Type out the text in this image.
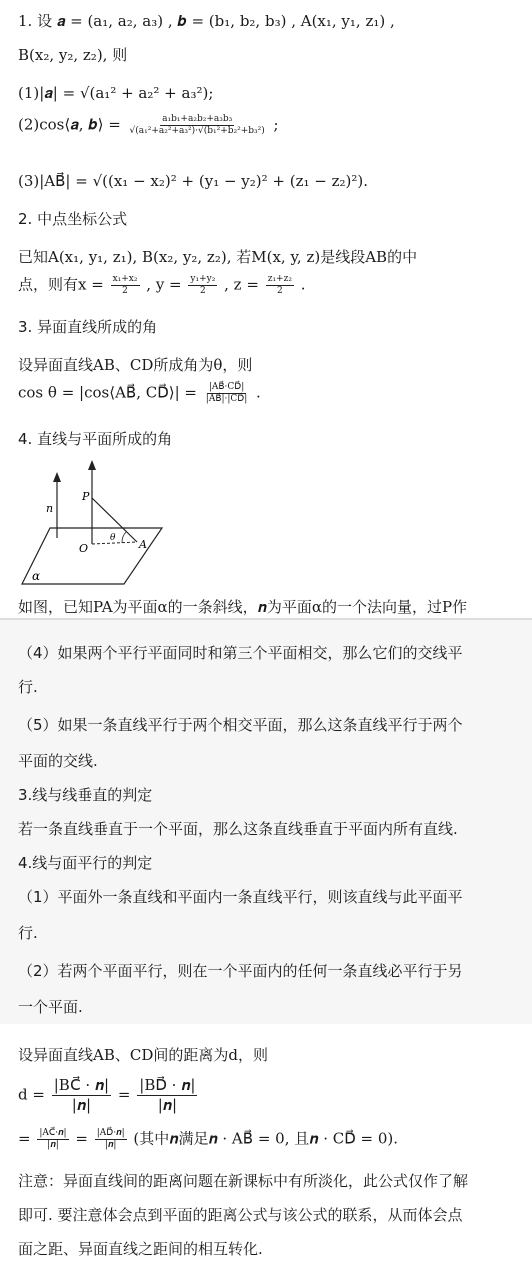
1. 设 𝒂 = (a₁, a₂, a₃) , 𝒃 = (b₁, b₂, b₃) , A(x₁, y₁, z₁) ,
B(x₂, y₂, z₂), 则
(1)|𝒂| = √(a₁² + a₂² + a₃²);
(2)cos⟨𝒂, 𝒃⟩ = $\frac{\text{a₁b₁+a₂b₂+a₃b₃}}{\text{√(a₁²+a₂²+a₃²)·√(b₁²+b₂²+b₃²)}}$ ;
(3)|AB⃗| = √((x₁ − x₂)² + (y₁ − y₂)² + (z₁ − z₂)²).
2. 中点坐标公式
已知A(x₁, y₁, z₁), B(x₂, y₂, z₂), 若M(x, y, z)是线段AB的中
点，则有$x = \frac{\text{x₁+x₂}}{2}$ , $y = \frac{\text{y₁+y₂}}{2}$ , $z = \frac{\text{z₁+z₂}}{2}$ .
3. 异面直线所成的角
设异面直线AB、CD所成角为θ，则
cos θ = |cos⟨AB⃗, CD⃗⟩| = $\frac{|AB⃗\cdot CD⃗|}{|AB⃗|\cdot|CD⃗|}$ .
4. 直线与平面所成的角
n
P
O	A
θ
α
如图，已知PA为平面α的一条斜线，𝒏为平面α的一个法向量，过P作
（4）如果两个平行平面同时和第三个平面相交，那么它们的交线平
行.
（5）如果一条直线平行于两个相交平面，那么这条直线平行于两个
平面的交线.
3.线与线垂直的判定
若一条直线垂直于一个平面，那么这条直线垂直于平面内所有直线.
4.线与面平行的判定
（1）平面外一条直线和平面内一条直线平行，则该直线与此平面平
行.
（2）若两个平面平行，则在一个平面内的任何一条直线必平行于另
一个平面.
设异面直线AB、CD间的距离为d，则
$d = \frac{\text{|BC⃗ · 𝒏|}}{\text{|𝒏|}} = \frac{\text{|BD⃗ · 𝒏|}}{\text{|𝒏|}}$
= $\frac{\text{|AC⃗·𝒏|}}{\text{|𝒏|}} = \frac{\text{|AD⃗·𝒏|}}{\text{|𝒏|}}$ (其中𝒏满足𝒏 · AB⃗ = 0, 且𝒏 · CD⃗ = 0).
注意：异面直线间的距离问题在新课标中有所淡化，此公式仅作了解
即可. 要注意体会点到平面的距离公式与该公式的联系，从而体会点
面之距、异面直线之距间的相互转化.
